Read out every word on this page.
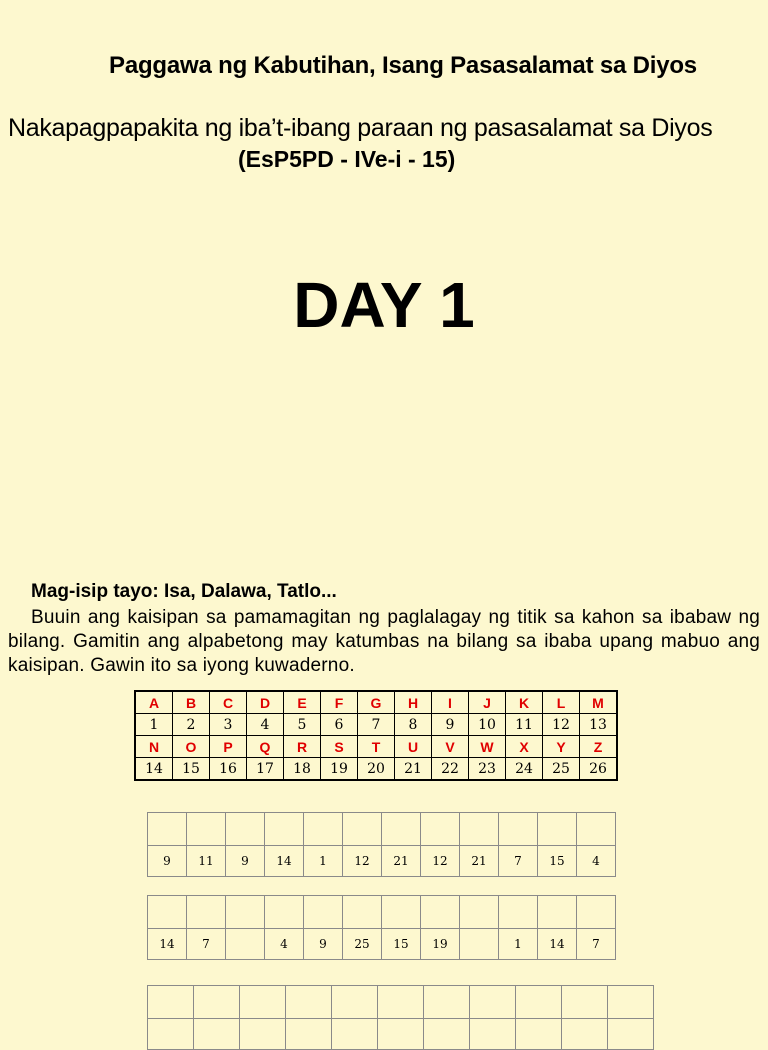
Paggawa ng Kabutihan, Isang Pasasalamat sa Diyos
Nakapagpapakita ng iba’t-ibang paraan ng pasasalamat sa Diyos
(EsP5PD - IVe-i - 15)
DAY 1
Mag-isip tayo: Isa, Dalawa, Tatlo...
Buuin ang kaisipan sa pamamagitan ng paglalagay ng titik sa kahon sa ibabaw ng bilang. Gamitin ang alpabetong may katumbas na bilang sa ibaba upang mabuo ang kaisipan. Gawin ito sa iyong kuwaderno.
A	B	C	D	E	F	G	H	I	J	K	L	M
1	2	3	4	5	6	7	8	9	10	11	12	13
N	O	P	Q	R	S	T	U	V	W	X	Y	Z
14	15	16	17	18	19	20	21	22	23	24	25	26

9	11	9	14	1	12	21	12	21	7	15	4

14	7		4	9	25	15	19		1	14	7
